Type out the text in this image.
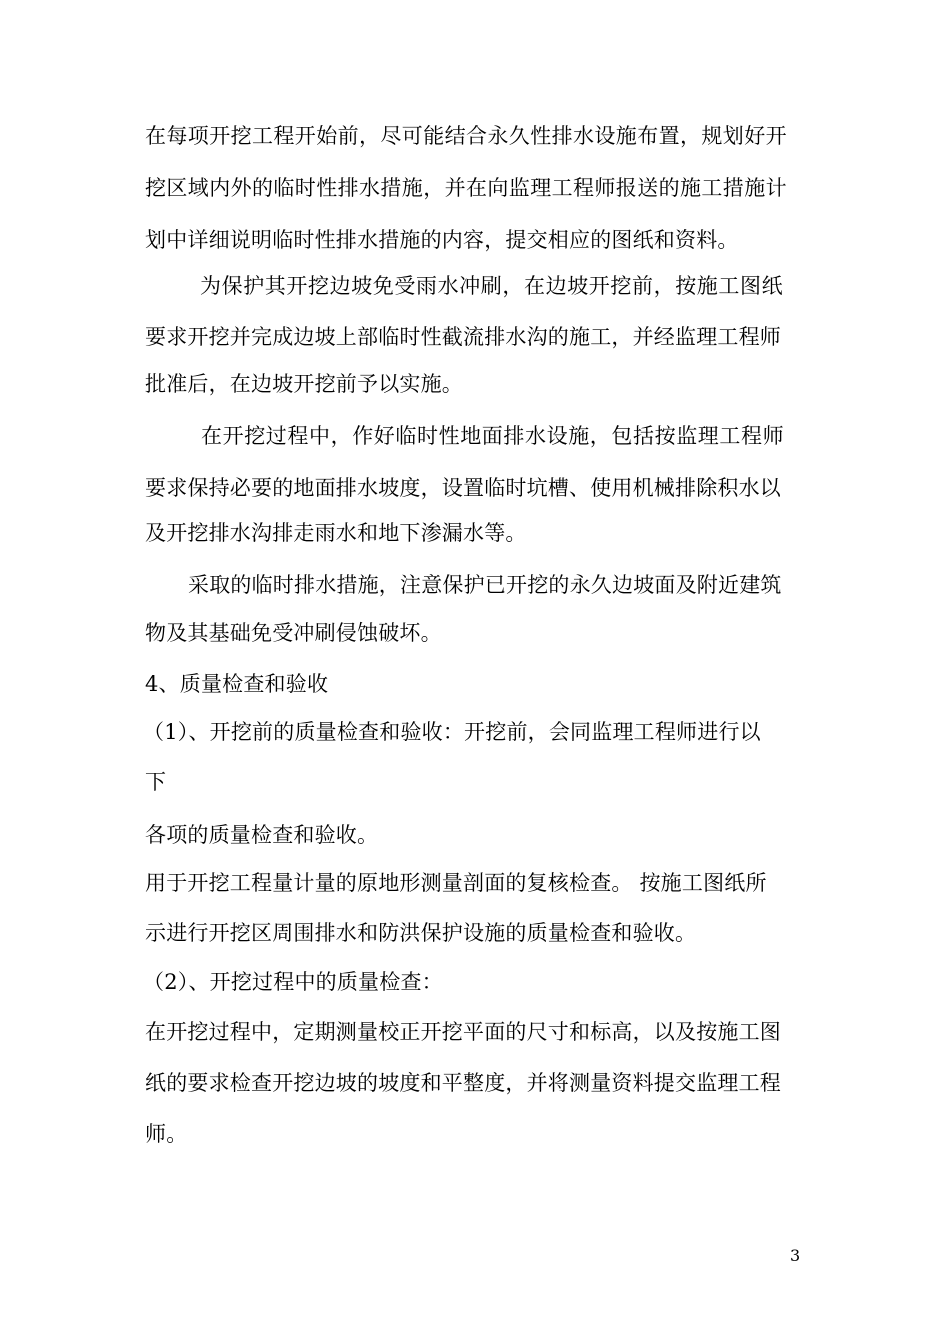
在每项开挖工程开始前，尽可能结合永久性排水设施布置，规划好开
挖区域内外的临时性排水措施，并在向监理工程师报送的施工措施计
划中详细说明临时性排水措施的内容，提交相应的图纸和资料。
为保护其开挖边坡免受雨水冲刷，在边坡开挖前，按施工图纸
要求开挖并完成边坡上部临时性截流排水沟的施工，并经监理工程师
批准后，在边坡开挖前予以实施。
在开挖过程中，作好临时性地面排水设施，包括按监理工程师
要求保持必要的地面排水坡度，设置临时坑槽、使用机械排除积水以
及开挖排水沟排走雨水和地下渗漏水等。
采取的临时排水措施，注意保护已开挖的永久边坡面及附近建筑
物及其基础免受冲刷侵蚀破坏。
4、质量检查和验收
（1）、开挖前的质量检查和验收：开挖前，会同监理工程师进行以
下
各项的质量检查和验收。
用于开挖工程量计量的原地形测量剖面的复核检查。 按施工图纸所
示进行开挖区周围排水和防洪保护设施的质量检查和验收。
（2）、开挖过程中的质量检查：
在开挖过程中，定期测量校正开挖平面的尺寸和标高，以及按施工图
纸的要求检查开挖边坡的坡度和平整度，并将测量资料提交监理工程
师。
3
